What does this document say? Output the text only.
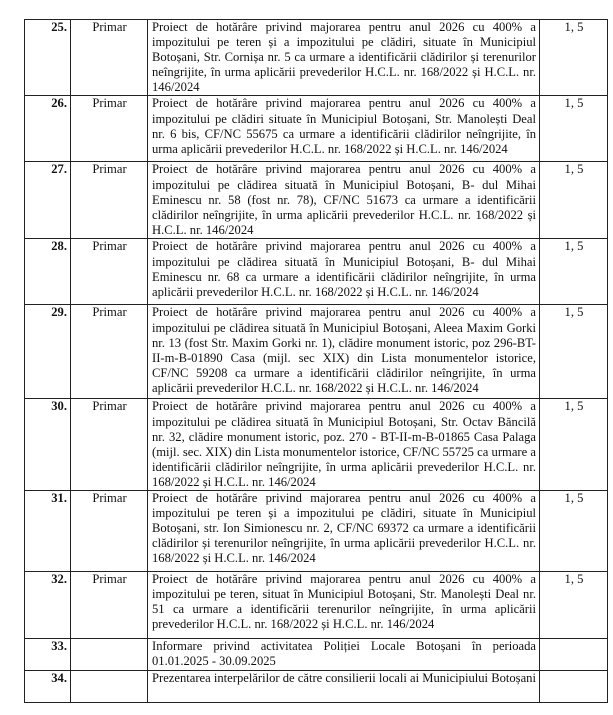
25.	Primar	Proiect de hotărâre privind majorarea pentru anul 2026 cu 400% a impozitului pe teren și a impozitului pe clădiri, situate în Municipiul Botoșani, Str. Cornișa nr. 5 ca urmare a identificării clădirilor și terenurilor neîngrijite, în urma aplicării prevederilor H.C.L. nr. 168/2022 și H.C.L. nr. 146/2024	1, 5
26.	Primar	Proiect de hotărâre privind majorarea pentru anul 2026 cu 400% a impozitului pe clădiri situate în Municipiul Botoșani, Str. Manolești Deal nr. 6 bis, CF/NC 55675 ca urmare a identificării clădirilor neîngrijite, în urma aplicării prevederilor H.C.L. nr. 168/2022 și H.C.L. nr. 146/2024	1, 5
27.	Primar	Proiect de hotărâre privind majorarea pentru anul 2026 cu 400% a impozitului pe clădirea situată în Municipiul Botoșani, B- dul Mihai Eminescu nr. 58 (fost nr. 78), CF/NC 51673 ca urmare a identificării clădirilor neîngrijite, în urma aplicării prevederilor H.C.L. nr. 168/2022 și H.C.L. nr. 146/2024	1, 5
28.	Primar	Proiect de hotărâre privind majorarea pentru anul 2026 cu 400% a impozitului pe clădirea situată în Municipiul Botoșani, B- dul Mihai Eminescu nr. 68 ca urmare a identificării clădirilor neîngrijite, în urma aplicării prevederilor H.C.L. nr. 168/2022 și H.C.L. nr. 146/2024	1, 5
29.	Primar	Proiect de hotărâre privind majorarea pentru anul 2026 cu 400% a impozitului pe clădirea situată în Municipiul Botoșani, Aleea Maxim Gorki nr. 13 (fost Str. Maxim Gorki nr. 1), clădire monument istoric, poz 296-BT-II-m-B-01890 Casa (mijl. sec XIX) din Lista monumentelor istorice, CF/NC 59208 ca urmare a identificării clădirilor neîngrijite, în urma aplicării prevederilor H.C.L. nr. 168/2022 și H.C.L. nr. 146/2024	1, 5
30.	Primar	Proiect de hotărâre privind majorarea pentru anul 2026 cu 400% a impozitului pe clădirea situată în Municipiul Botoșani, Str. Octav Băncilă nr. 32, clădire monument istoric, poz. 270 - BT-II-m-B-01865 Casa Palaga (mijl. sec. XIX) din Lista monumentelor istorice, CF/NC 55725 ca urmare a identificării clădirilor neîngrijite, în urma aplicării prevederilor H.C.L. nr. 168/2022 și H.C.L. nr. 146/2024	1, 5
31.	Primar	Proiect de hotărâre privind majorarea pentru anul 2026 cu 400% a impozitului pe teren și a impozitului pe clădiri, situate în Municipiul Botoșani, str. Ion Simionescu nr. 2, CF/NC 69372 ca urmare a identificării clădirilor și terenurilor neîngrijite, în urma aplicării prevederilor H.C.L. nr. 168/2022 și H.C.L. nr. 146/2024	1, 5
32.	Primar	Proiect de hotărâre privind majorarea pentru anul 2026 cu 400% a impozitului pe teren, situat în Municipiul Botoșani, Str. Manolești Deal nr. 51 ca urmare a identificării terenurilor neîngrijite, în urma aplicării prevederilor H.C.L. nr. 168/2022 și H.C.L. nr. 146/2024	1, 5
33.		Informare privind activitatea Poliției Locale Botoșani în perioada 01.01.2025 - 30.09.2025	
34.		Prezentarea interpelărilor de către consilierii locali ai Municipiului Botoșani	
